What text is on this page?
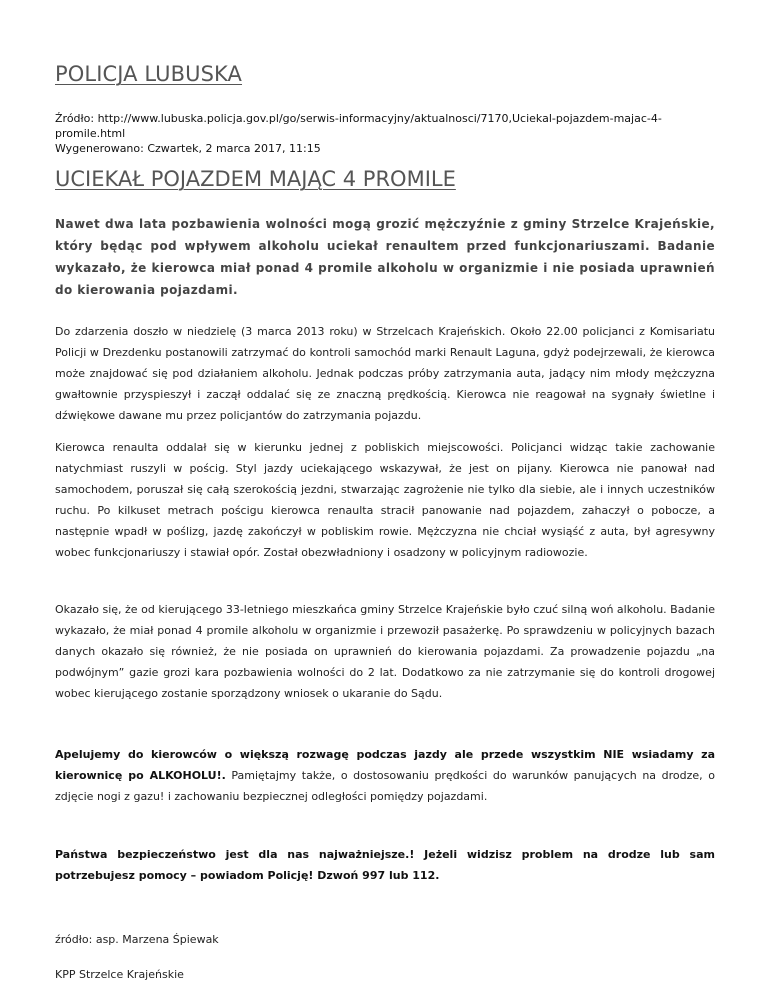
POLICJA LUBUSKA

Źródło: http://www.lubuska.policja.gov.pl/go/serwis-informacyjny/aktualnosci/7170,Uciekal-pojazdem-majac-4-promile.html

Wygenerowano: Czwartek, 2 marca 2017, 11:15

UCIEKAŁ POJAZDEM MAJĄC 4 PROMILE

Nawet dwa lata pozbawienia wolności mogą grozić mężczyźnie z gminy Strzelce Krajeńskie, który będąc pod wpływem alkoholu uciekał renaultem przed funkcjonariuszami. Badanie wykazało, że kierowca miał ponad 4 promile alkoholu w organizmie i nie posiada uprawnień do kierowania pojazdami.

Do zdarzenia doszło w niedzielę (3 marca 2013 roku) w Strzelcach Krajeńskich. Około 22.00 policjanci z Komisariatu Policji w Drezdenku postanowili zatrzymać do kontroli samochód marki Renault Laguna, gdyż podejrzewali, że kierowca może znajdować się pod działaniem alkoholu. Jednak podczas próby zatrzymania auta, jadący nim młody mężczyzna gwałtownie przyspieszył i zaczął oddalać się ze znaczną prędkością. Kierowca nie reagował na sygnały świetlne i dźwiękowe dawane mu przez policjantów do zatrzymania pojazdu.

Kierowca renaulta oddalał się w kierunku jednej z pobliskich miejscowości. Policjanci widząc takie zachowanie natychmiast ruszyli w pościg. Styl jazdy uciekającego wskazywał, że jest on pijany. Kierowca nie panował nad samochodem, poruszał się całą szerokością jezdni, stwarzając zagrożenie nie tylko dla siebie, ale i innych uczestników ruchu. Po kilkuset metrach pościgu kierowca renaulta stracił panowanie nad pojazdem, zahaczył o pobocze, a następnie wpadł w poślizg, jazdę zakończył w pobliskim rowie. Mężczyzna nie chciał wysiąść z auta, był agresywny wobec funkcjonariuszy i stawiał opór. Został obezwładniony i osadzony w policyjnym radiowozie.

Okazało się, że od kierującego 33-letniego mieszkańca gminy Strzelce Krajeńskie było czuć silną woń alkoholu. Badanie wykazało, że miał ponad 4 promile alkoholu w organizmie i przewoził pasażerkę. Po sprawdzeniu w policyjnych bazach danych okazało się również, że nie posiada on uprawnień do kierowania pojazdami. Za prowadzenie pojazdu „na podwójnym” gazie grozi kara pozbawienia wolności do 2 lat. Dodatkowo za nie zatrzymanie się do kontroli drogowej wobec kierującego zostanie sporządzony wniosek o ukaranie do Sądu.

Apelujemy do kierowców o większą rozwagę podczas jazdy ale przede wszystkim NIE wsiadamy za kierownicę po ALKOHOLU!. Pamiętajmy także, o dostosowaniu prędkości do warunków panujących na drodze, o zdjęcie nogi z gazu! i zachowaniu bezpiecznej odległości pomiędzy pojazdami.

Państwa bezpieczeństwo jest dla nas najważniejsze.! Jeżeli widzisz problem na drodze lub sam potrzebujesz pomocy – powiadom Policję! Dzwoń 997 lub 112.

źródło: asp. Marzena Śpiewak

KPP Strzelce Krajeńskie
